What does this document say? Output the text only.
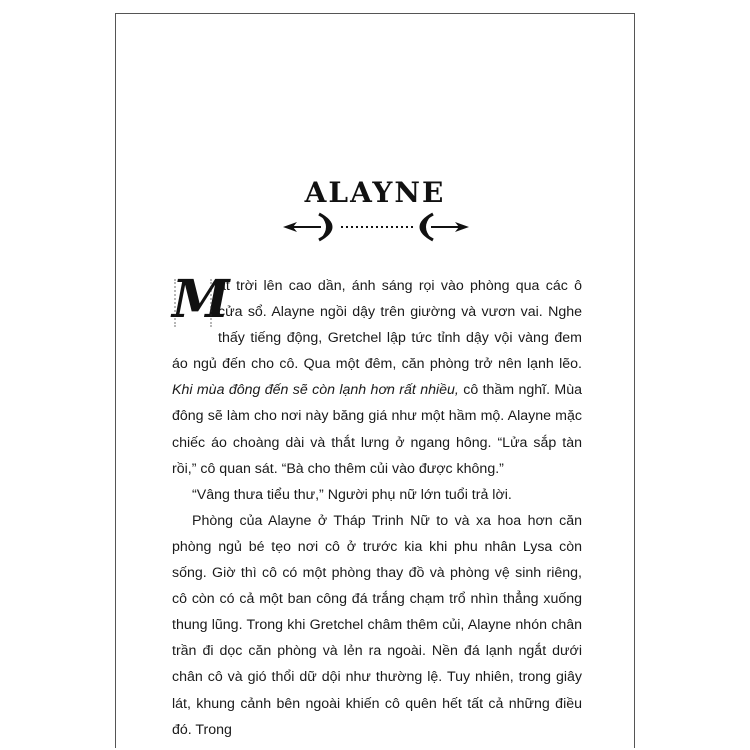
ALAYNE

M
ặt trời lên cao dần, ánh sáng rọi vào phòng qua các ô cửa sổ. Alayne ngồi dậy trên giường và vươn vai. Nghe thấy tiếng động, Gretchel lập tức tỉnh dậy vội vàng đem áo ngủ đến cho cô. Qua một đêm, căn phòng trở nên lạnh lẽo. Khi mùa đông đến sẽ còn lạnh hơn rất nhiều, cô thầm nghĩ. Mùa đông sẽ làm cho nơi này băng giá như một hầm mộ. Alayne mặc chiếc áo choàng dài và thắt lưng ở ngang hông. “Lửa sắp tàn rồi,” cô quan sát. “Bà cho thêm củi vào được không.”

“Vâng thưa tiểu thư,” Người phụ nữ lớn tuổi trả lời.

Phòng của Alayne ở Tháp Trinh Nữ to và xa hoa hơn căn phòng ngủ bé tẹo nơi cô ở trước kia khi phu nhân Lysa còn sống. Giờ thì cô có một phòng thay đồ và phòng vệ sinh riêng, cô còn có cả một ban công đá trắng chạm trổ nhìn thẳng xuống thung lũng. Trong khi Gretchel châm thêm củi, Alayne nhón chân trần đi dọc căn phòng và lẻn ra ngoài. Nền đá lạnh ngắt dưới chân cô và gió thổi dữ dội như thường lệ. Tuy nhiên, trong giây lát, khung cảnh bên ngoài khiến cô quên hết tất cả những điều đó. Trong
